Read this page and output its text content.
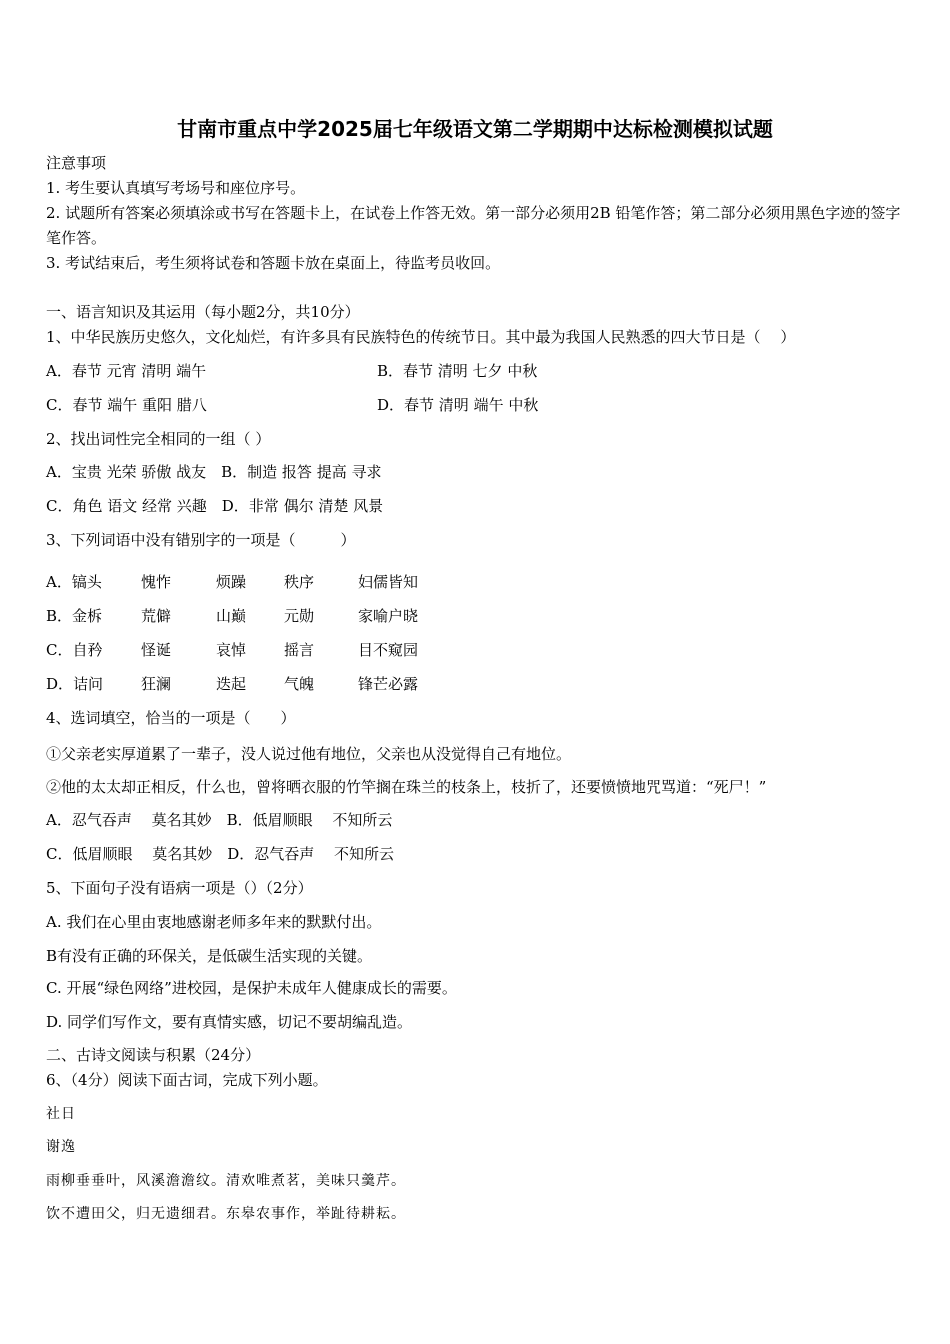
甘南市重点中学2025届七年级语文第二学期期中达标检测模拟试题
注意事项
1. 考生要认真填写考场号和座位序号。
2. 试题所有答案必须填涂或书写在答题卡上，在试卷上作答无效。第一部分必须用2B 铅笔作答；第二部分必须用黑色字迹的签字笔作答。
3. 考试结束后，考生须将试卷和答题卡放在桌面上，待监考员收回。
一、语言知识及其运用（每小题2分，共10分）
1、中华民族历史悠久，文化灿烂，有许多具有民族特色的传统节日。其中最为我国人民熟悉的四大节日是（　 ）
A．春节 元宵 清明 端午	B．春节 清明 七夕 中秋
C．春节 端午 重阳 腊八	D．春节 清明 端午 中秋
2、找出词性完全相同的一组（ ）
A．宝贵 光荣 骄傲 战友　B．制造 报答 提高 寻求
C．角色 语文 经常 兴趣　D．非常 偶尔 清楚 风景
3、下列词语中没有错别字的一项是（　　　）
A．镐头	愧怍	烦躁	秩序	妇儒皆知
B．金柝	荒僻	山巅	元勋	家喻户晓
C．自矜	怪诞	哀悼	摇言	目不窥园
D．诘问	狂澜	迭起	气魄	锋芒必露
4、选词填空，恰当的一项是（　　）
①父亲老实厚道累了一辈子，没人说过他有地位，父亲也从没觉得自己有地位。
②他的太太却正相反，什么也，曾将晒衣服的竹竿搁在珠兰的枝条上，枝折了，还要愤愤地咒骂道：“死尸！”
A．忍气吞声　 莫名其妙　B．低眉顺眼　 不知所云
C．低眉顺眼　 莫名其妙　D．忍气吞声　 不知所云
5、下面句子没有语病一项是（）（2分）
A. 我们在心里由衷地感谢老师多年来的默默付出。
B有没有正确的环保关，是低碳生活实现的关键。
C. 开展“绿色网络”进校园，是保护未成年人健康成长的需要。
D. 同学们写作文，要有真情实感，切记不要胡编乱造。
二、古诗文阅读与积累（24分）
6、（4分）阅读下面古词，完成下列小题。
社日
谢逸
雨柳垂垂叶，风溪澹澹纹。清欢唯煮茗，美味只羹芹。
饮不遭田父，归无遗细君。东皋农事作，举趾待耕耘。
